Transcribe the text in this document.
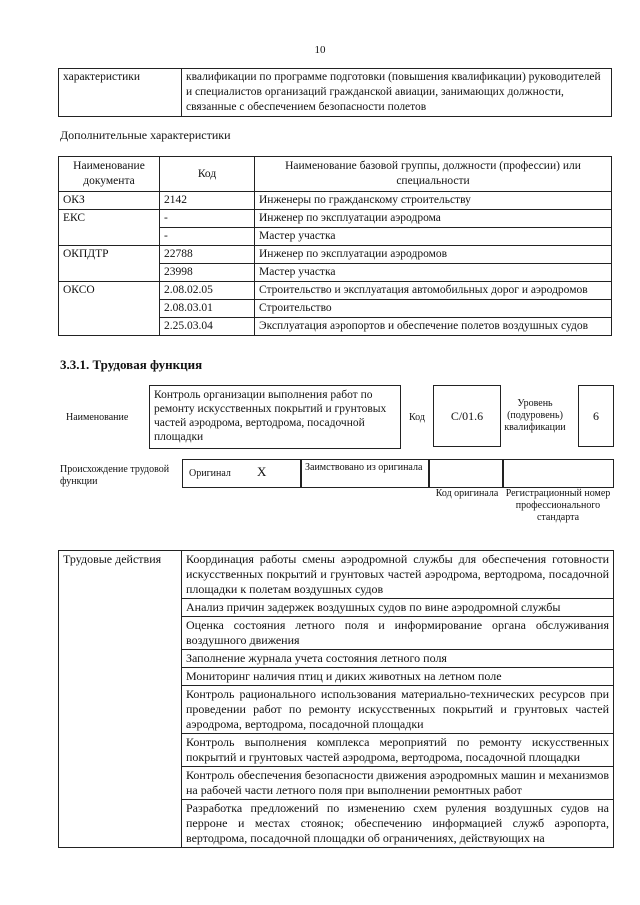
10
характеристики	квалификации по программе подготовки (повышения квалификации) руководителей и специалистов организаций гражданской авиации, занимающих должности, связанные с обеспечением безопасности полетов
Дополнительные характеристики
Наименование документа	Код	Наименование базовой группы, должности (профессии) или специальности
ОКЗ	2142	Инженеры по гражданскому строительству
ЕКС	-	Инженер по эксплуатации аэродрома
	-	Мастер участка
ОКПДТР	22788	Инженер по эксплуатации аэродромов
	23998	Мастер участка
ОКСО	2.08.02.05	Строительство и эксплуатация автомобильных дорог и аэродромов
	2.08.03.01	Строительство
	2.25.03.04	Эксплуатация аэропортов и обеспечение полетов воздушных судов
3.3.1. Трудовая функция
Наименование
Контроль организации выполнения работ по ремонту искусственных покрытий и грунтовых частей аэродрома, вертодрома, посадочной площадки
Код	C/01.6
Уровень (подуровень) квалификации
6
Происхождение трудовой функции
Оригинал X	Заимствовано из оригинала
Код оригинала Регистрационный номер профессионального стандарта
Трудовые действия	Координация работы смены аэродромной службы для обеспечения готовности искусственных покрытий и грунтовых частей аэродрома, вертодрома, посадочной площадки к полетам воздушных судов
Анализ причин задержек воздушных судов по вине аэродромной службы
Оценка состояния летного поля и информирование органа обслуживания воздушного движения
Заполнение журнала учета состояния летного поля
Мониторинг наличия птиц и диких животных на летном поле
Контроль рационального использования материально-технических ресурсов при проведении работ по ремонту искусственных покрытий и грунтовых частей аэродрома, вертодрома, посадочной площадки
Контроль выполнения комплекса мероприятий по ремонту искусственных покрытий и грунтовых частей аэродрома, вертодрома, посадочной площадки
Контроль обеспечения безопасности движения аэродромных машин и механизмов на рабочей части летного поля при выполнении ремонтных работ
Разработка предложений по изменению схем руления воздушных судов на перроне и местах стоянок; обеспечению информацией служб аэропорта, вертодрома, посадочной площадки об ограничениях, действующих на
